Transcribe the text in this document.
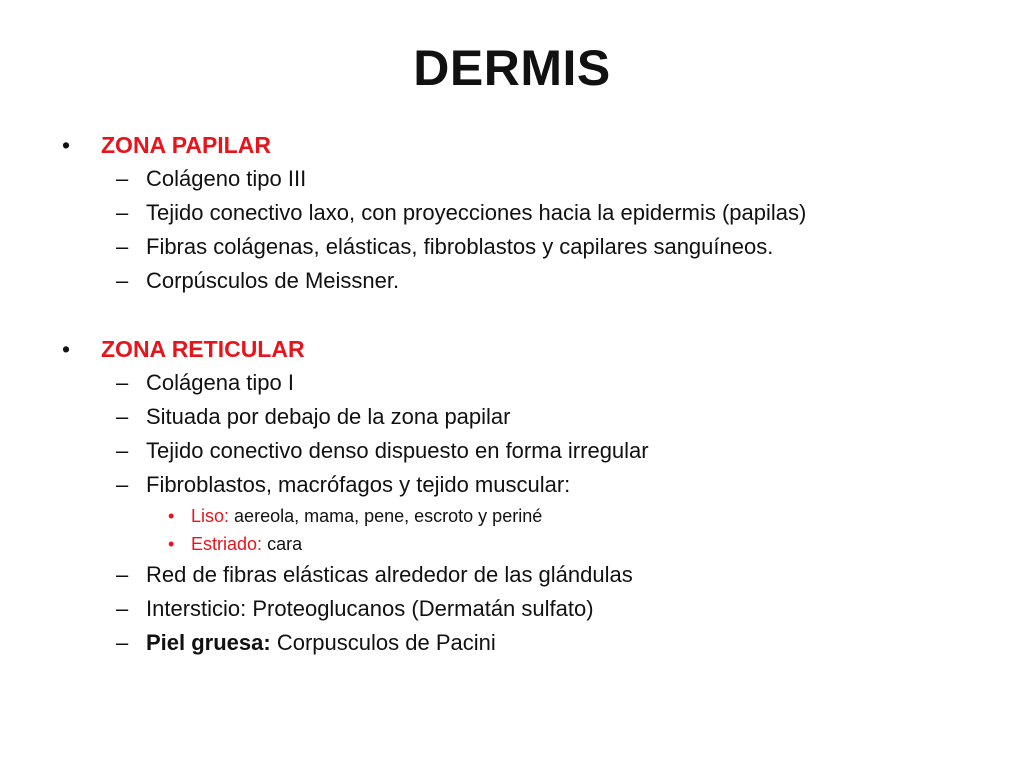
DERMIS
• ZONA PAPILAR
– Colágeno tipo III
– Tejido conectivo laxo, con proyecciones hacia la epidermis (papilas)
– Fibras colágenas, elásticas, fibroblastos y capilares sanguíneos.
– Corpúsculos de Meissner.
• ZONA RETICULAR
– Colágena tipo I
– Situada por debajo de la zona papilar
– Tejido conectivo denso dispuesto en forma irregular
– Fibroblastos, macrófagos y tejido muscular:
• Liso: aereola, mama, pene, escroto y periné
• Estriado: cara
– Red de fibras elásticas alrededor de las glándulas
– Intersticio: Proteoglucanos (Dermatán sulfato)
– Piel gruesa: Corpusculos de Pacini
